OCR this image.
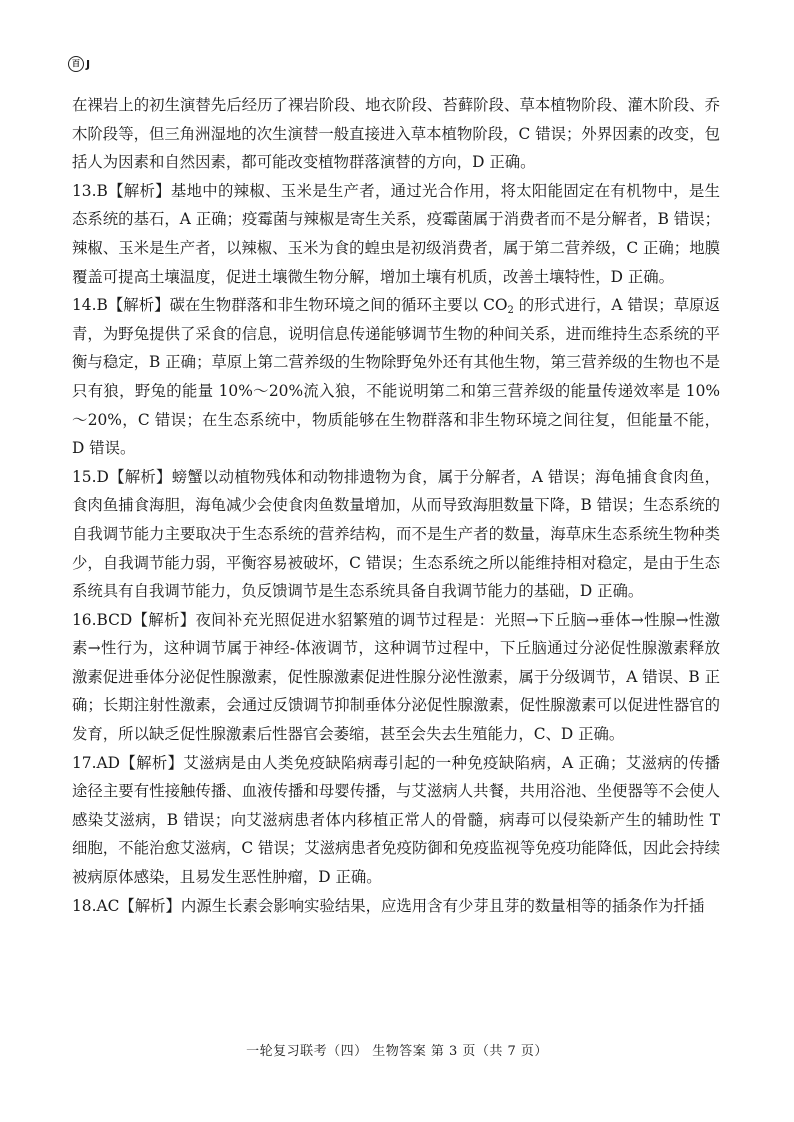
百 J

在裸岩上的初生演替先后经历了裸岩阶段、地衣阶段、苔藓阶段、草本植物阶段、灌木阶段、乔木阶段等，但三角洲湿地的次生演替一般直接进入草本植物阶段，C 错误；外界因素的改变，包括人为因素和自然因素，都可能改变植物群落演替的方向，D 正确。

13.B【解析】基地中的辣椒、玉米是生产者，通过光合作用，将太阳能固定在有机物中，是生态系统的基石，A 正确；疫霉菌与辣椒是寄生关系，疫霉菌属于消费者而不是分解者，B 错误；辣椒、玉米是生产者，以辣椒、玉米为食的蝗虫是初级消费者，属于第二营养级，C 正确；地膜覆盖可提高土壤温度，促进土壤微生物分解，增加土壤有机质，改善土壤特性，D 正确。

14.B【解析】碳在生物群落和非生物环境之间的循环主要以 $CO_2$ 的形式进行，A 错误；草原返青，为野兔提供了采食的信息，说明信息传递能够调节生物的种间关系，进而维持生态系统的平衡与稳定，B 正确；草原上第二营养级的生物除野兔外还有其他生物，第三营养级的生物也不是只有狼，野兔的能量 10%～20%流入狼，不能说明第二和第三营养级的能量传递效率是 10%～20%，C 错误；在生态系统中，物质能够在生物群落和非生物环境之间往复，但能量不能，D 错误。

15.D【解析】螃蟹以动植物残体和动物排遗物为食，属于分解者，A 错误；海龟捕食食肉鱼，食肉鱼捕食海胆，海龟减少会使食肉鱼数量增加，从而导致海胆数量下降，B 错误；生态系统的自我调节能力主要取决于生态系统的营养结构，而不是生产者的数量，海草床生态系统生物种类少，自我调节能力弱，平衡容易被破坏，C 错误；生态系统之所以能维持相对稳定，是由于生态系统具有自我调节能力，负反馈调节是生态系统具备自我调节能力的基础，D 正确。

16.BCD【解析】夜间补充光照促进水貂繁殖的调节过程是：光照→下丘脑→垂体→性腺→性激素→性行为，这种调节属于神经-体液调节，这种调节过程中，下丘脑通过分泌促性腺激素释放激素促进垂体分泌促性腺激素，促性腺激素促进性腺分泌性激素，属于分级调节，A 错误、B 正确；长期注射性激素，会通过反馈调节抑制垂体分泌促性腺激素，促性腺激素可以促进性器官的发育，所以缺乏促性腺激素后性器官会萎缩，甚至会失去生殖能力，C、D 正确。

17.AD【解析】艾滋病是由人类免疫缺陷病毒引起的一种免疫缺陷病，A 正确；艾滋病的传播途径主要有性接触传播、血液传播和母婴传播，与艾滋病人共餐，共用浴池、坐便器等不会使人感染艾滋病，B 错误；向艾滋病患者体内移植正常人的骨髓，病毒可以侵染新产生的辅助性 T 细胞，不能治愈艾滋病，C 错误；艾滋病患者免疫防御和免疫监视等免疫功能降低，因此会持续被病原体感染，且易发生恶性肿瘤，D 正确。

18.AC【解析】内源生长素会影响实验结果，应选用含有少芽且芽的数量相等的插条作为扦插

一轮复习联考（四） 生物答案 第 3 页（共 7 页）
